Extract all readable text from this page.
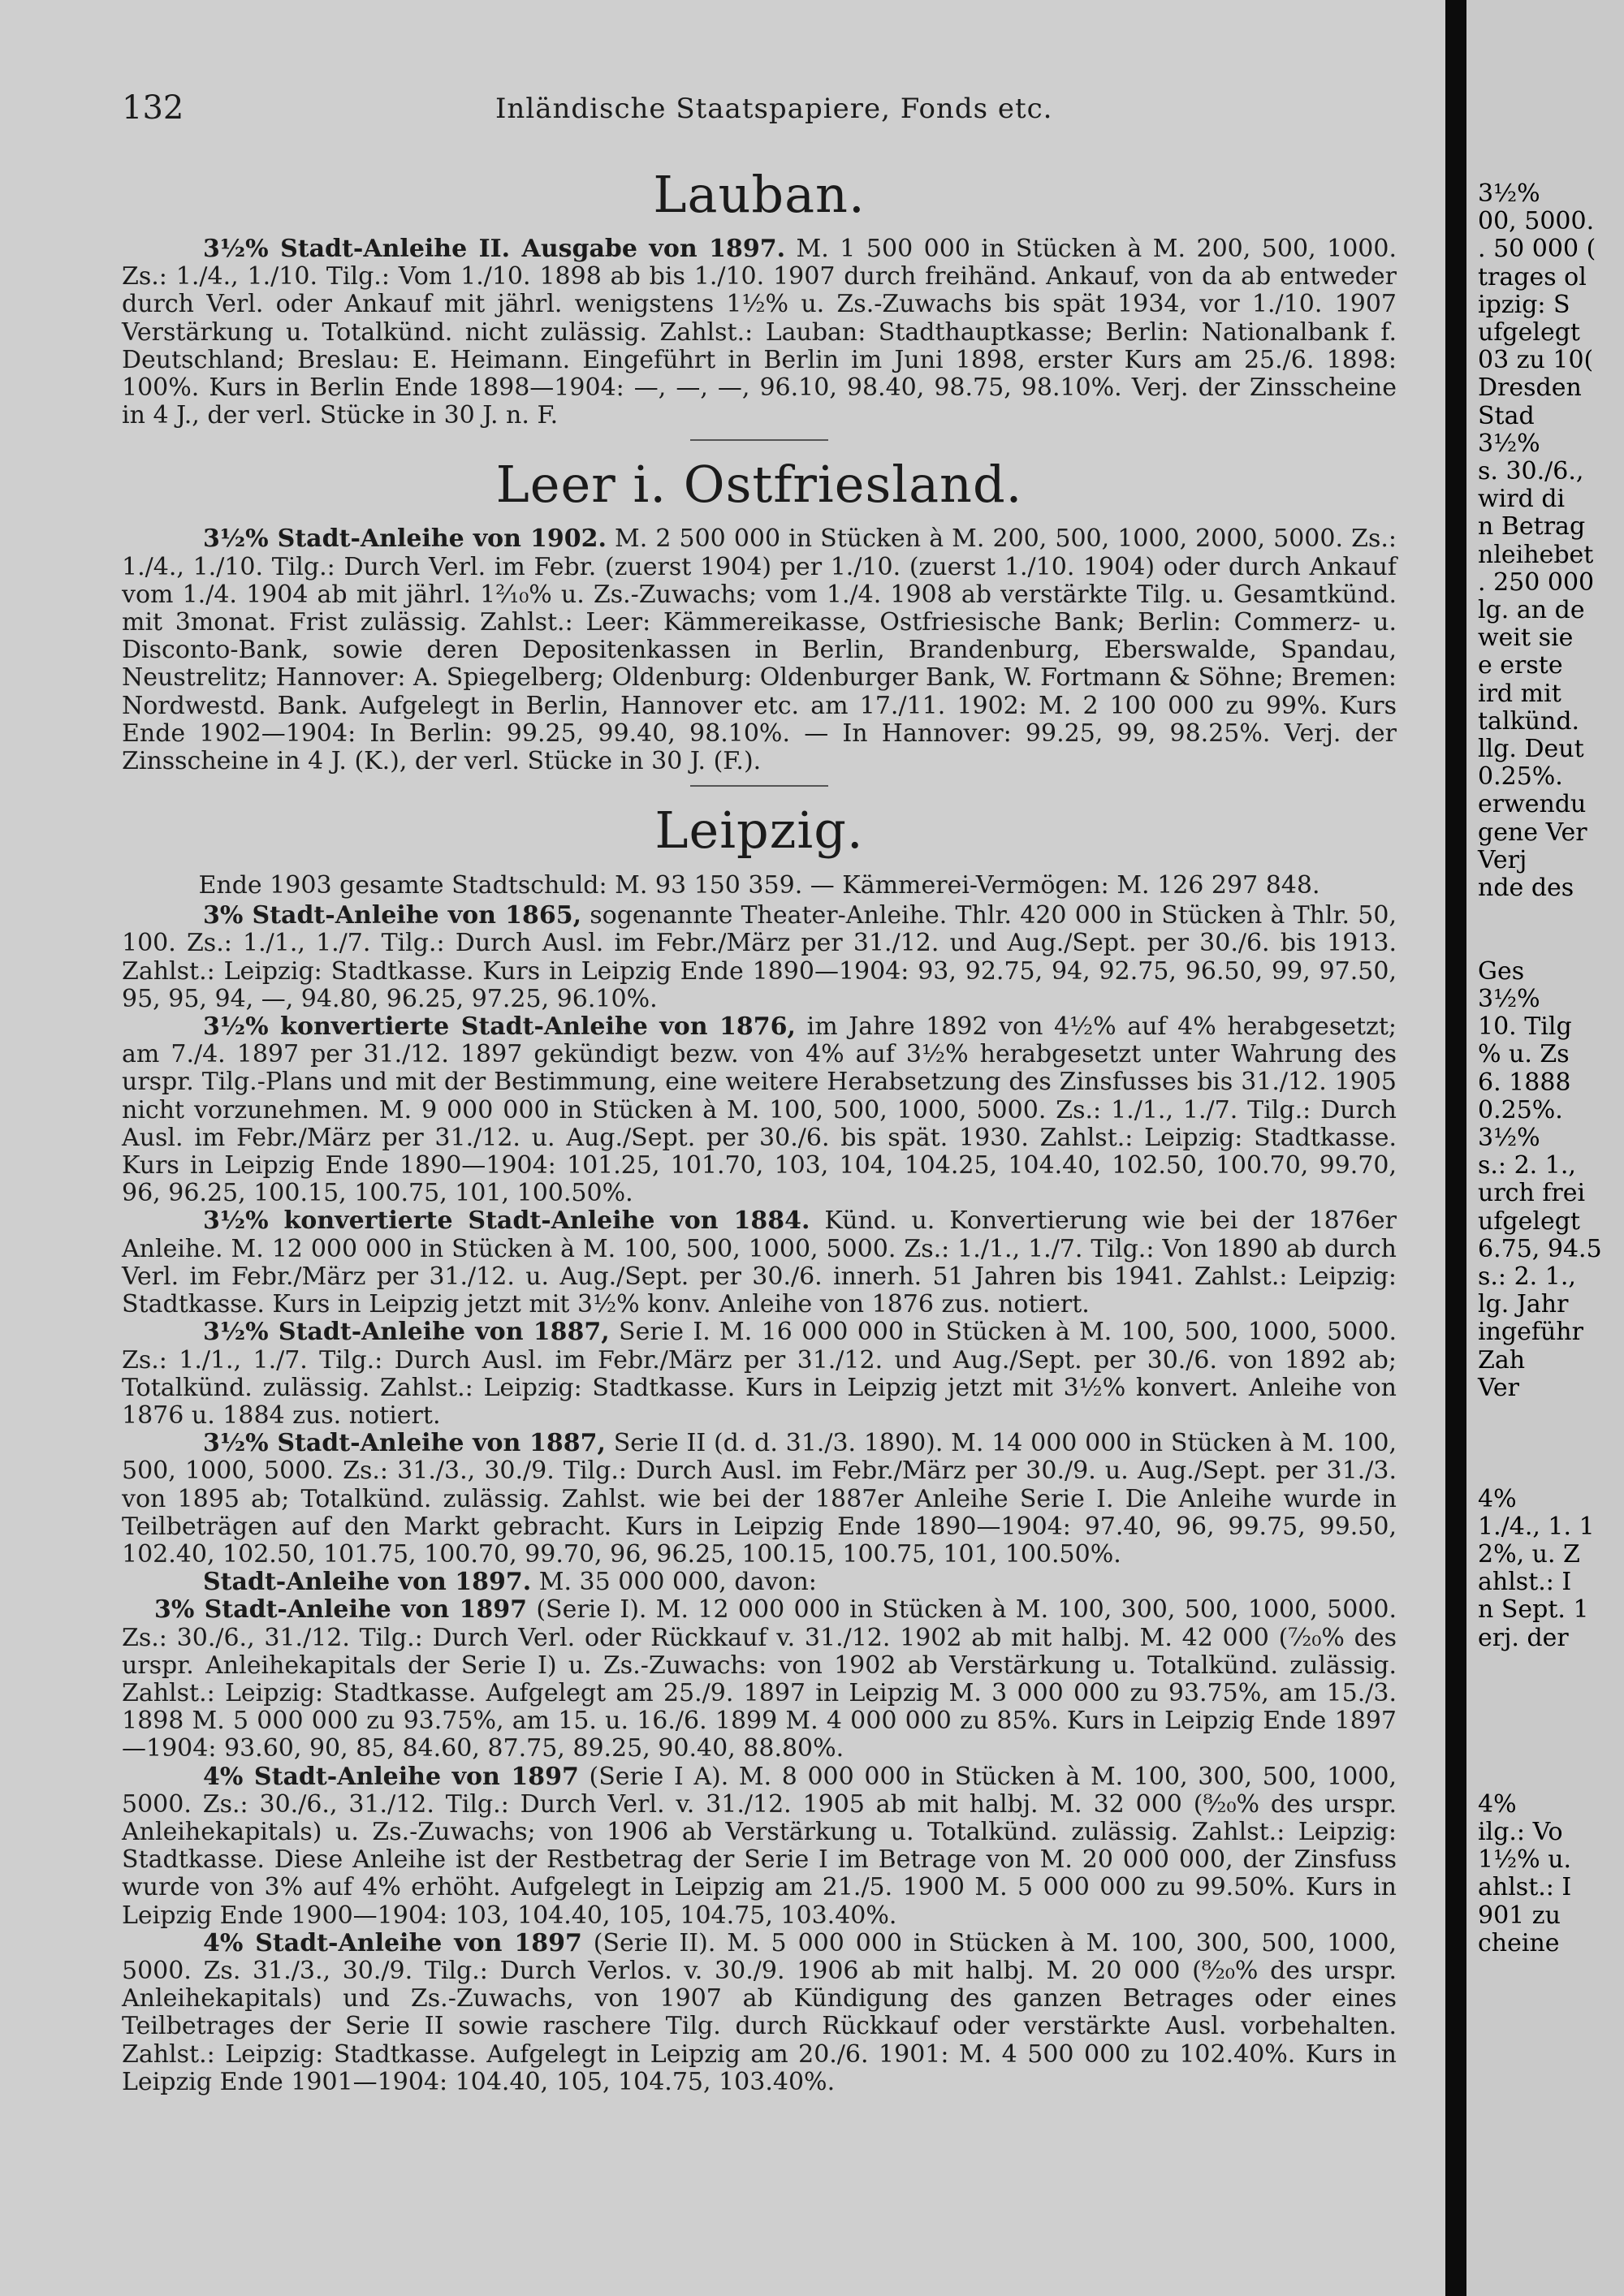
132	Inländische Staatspapiere, Fonds etc.
Lauban.

3½% Stadt-Anleihe II. Ausgabe von 1897. M. 1 500 000 in Stücken à M. 200, 500, 1000. Zs.: 1./4., 1./10. Tilg.: Vom 1./10. 1898 ab bis 1./10. 1907 durch freihänd. Ankauf, von da ab entweder durch Verl. oder Ankauf mit jährl. wenigstens 1½% u. Zs.-Zuwachs bis spät 1934, vor 1./10. 1907 Verstärkung u. Totalkünd. nicht zulässig. Zahlst.: Lauban: Stadthauptkasse; Berlin: Nationalbank f. Deutschland; Breslau: E. Heimann. Eingeführt in Berlin im Juni 1898, erster Kurs am 25./6. 1898: 100%. Kurs in Berlin Ende 1898—1904: —, —, —, 96.10, 98.40, 98.75, 98.10%. Verj. der Zinsscheine in 4 J., der verl. Stücke in 30 J. n. F.

Leer i. Ostfriesland.

3½% Stadt-Anleihe von 1902. M. 2 500 000 in Stücken à M. 200, 500, 1000, 2000, 5000. Zs.: 1./4., 1./10. Tilg.: Durch Verl. im Febr. (zuerst 1904) per 1./10. (zuerst 1./10. 1904) oder durch Ankauf vom 1./4. 1904 ab mit jährl. 1²⁄₁₀% u. Zs.-Zuwachs; vom 1./4. 1908 ab verstärkte Tilg. u. Gesamtkünd. mit 3monat. Frist zulässig. Zahlst.: Leer: Kämmereikasse, Ostfriesische Bank; Berlin: Commerz- u. Disconto-Bank, sowie deren Depositenkassen in Berlin, Brandenburg, Eberswalde, Spandau, Neustrelitz; Hannover: A. Spiegelberg; Oldenburg: Oldenburger Bank, W. Fortmann & Söhne; Bremen: Nordwestd. Bank. Aufgelegt in Berlin, Hannover etc. am 17./11. 1902: M. 2 100 000 zu 99%. Kurs Ende 1902—1904: In Berlin: 99.25, 99.40, 98.10%. — In Hannover: 99.25, 99, 98.25%. Verj. der Zinsscheine in 4 J. (K.), der verl. Stücke in 30 J. (F.).

Leipzig.
Ende 1903 gesamte Stadtschuld: M. 93 150 359. — Kämmerei-Vermögen: M. 126 297 848.

3% Stadt-Anleihe von 1865, sogenannte Theater-Anleihe. Thlr. 420 000 in Stücken à Thlr. 50, 100. Zs.: 1./1., 1./7. Tilg.: Durch Ausl. im Febr./März per 31./12. und Aug./Sept. per 30./6. bis 1913. Zahlst.: Leipzig: Stadtkasse. Kurs in Leipzig Ende 1890—1904: 93, 92.75, 94, 92.75, 96.50, 99, 97.50, 95, 95, 94, —, 94.80, 96.25, 97.25, 96.10%.

3½% konvertierte Stadt-Anleihe von 1876, im Jahre 1892 von 4½% auf 4% herabgesetzt; am 7./4. 1897 per 31./12. 1897 gekündigt bezw. von 4% auf 3½% herabgesetzt unter Wahrung des urspr. Tilg.-Plans und mit der Bestimmung, eine weitere Herabsetzung des Zinsfusses bis 31./12. 1905 nicht vorzunehmen. M. 9 000 000 in Stücken à M. 100, 500, 1000, 5000. Zs.: 1./1., 1./7. Tilg.: Durch Ausl. im Febr./März per 31./12. u. Aug./Sept. per 30./6. bis spät. 1930. Zahlst.: Leipzig: Stadtkasse. Kurs in Leipzig Ende 1890—1904: 101.25, 101.70, 103, 104, 104.25, 104.40, 102.50, 100.70, 99.70, 96, 96.25, 100.15, 100.75, 101, 100.50%.

3½% konvertierte Stadt-Anleihe von 1884. Künd. u. Konvertierung wie bei der 1876er Anleihe. M. 12 000 000 in Stücken à M. 100, 500, 1000, 5000. Zs.: 1./1., 1./7. Tilg.: Von 1890 ab durch Verl. im Febr./März per 31./12. u. Aug./Sept. per 30./6. innerh. 51 Jahren bis 1941. Zahlst.: Leipzig: Stadtkasse. Kurs in Leipzig jetzt mit 3½% konv. Anleihe von 1876 zus. notiert.

3½% Stadt-Anleihe von 1887, Serie I. M. 16 000 000 in Stücken à M. 100, 500, 1000, 5000. Zs.: 1./1., 1./7. Tilg.: Durch Ausl. im Febr./März per 31./12. und Aug./Sept. per 30./6. von 1892 ab; Totalkünd. zulässig. Zahlst.: Leipzig: Stadtkasse. Kurs in Leipzig jetzt mit 3½% konvert. Anleihe von 1876 u. 1884 zus. notiert.

3½% Stadt-Anleihe von 1887, Serie II (d. d. 31./3. 1890). M. 14 000 000 in Stücken à M. 100, 500, 1000, 5000. Zs.: 31./3., 30./9. Tilg.: Durch Ausl. im Febr./März per 30./9. u. Aug./Sept. per 31./3. von 1895 ab; Totalkünd. zulässig. Zahlst. wie bei der 1887er Anleihe Serie I. Die Anleihe wurde in Teilbeträgen auf den Markt gebracht. Kurs in Leipzig Ende 1890—1904: 97.40, 96, 99.75, 99.50, 102.40, 102.50, 101.75, 100.70, 99.70, 96, 96.25, 100.15, 100.75, 101, 100.50%.

Stadt-Anleihe von 1897. M. 35 000 000, davon:

3% Stadt-Anleihe von 1897 (Serie I). M. 12 000 000 in Stücken à M. 100, 300, 500, 1000, 5000. Zs.: 30./6., 31./12. Tilg.: Durch Verl. oder Rückkauf v. 31./12. 1902 ab mit halbj. M. 42 000 (⁷⁄₂₀% des urspr. Anleihekapitals der Serie I) u. Zs.-Zuwachs: von 1902 ab Verstärkung u. Totalkünd. zulässig. Zahlst.: Leipzig: Stadtkasse. Aufgelegt am 25./9. 1897 in Leipzig M. 3 000 000 zu 93.75%, am 15./3. 1898 M. 5 000 000 zu 93.75%, am 15. u. 16./6. 1899 M. 4 000 000 zu 85%. Kurs in Leipzig Ende 1897—1904: 93.60, 90, 85, 84.60, 87.75, 89.25, 90.40, 88.80%.

4% Stadt-Anleihe von 1897 (Serie I A). M. 8 000 000 in Stücken à M. 100, 300, 500, 1000, 5000. Zs.: 30./6., 31./12. Tilg.: Durch Verl. v. 31./12. 1905 ab mit halbj. M. 32 000 (⁸⁄₂₀% des urspr. Anleihekapitals) u. Zs.-Zuwachs; von 1906 ab Verstärkung u. Totalkünd. zulässig. Zahlst.: Leipzig: Stadtkasse. Diese Anleihe ist der Restbetrag der Serie I im Betrage von M. 20 000 000, der Zinsfuss wurde von 3% auf 4% erhöht. Aufgelegt in Leipzig am 21./5. 1900 M. 5 000 000 zu 99.50%. Kurs in Leipzig Ende 1900—1904: 103, 104.40, 105, 104.75, 103.40%.

4% Stadt-Anleihe von 1897 (Serie II). M. 5 000 000 in Stücken à M. 100, 300, 500, 1000, 5000. Zs. 31./3., 30./9. Tilg.: Durch Verlos. v. 30./9. 1906 ab mit halbj. M. 20 000 (⁸⁄₂₀% des urspr. Anleihekapitals) und Zs.-Zuwachs, von 1907 ab Kündigung des ganzen Betrages oder eines Teilbetrages der Serie II sowie raschere Tilg. durch Rückkauf oder verstärkte Ausl. vorbehalten. Zahlst.: Leipzig: Stadtkasse. Aufgelegt in Leipzig am 20./6. 1901: M. 4 500 000 zu 102.40%. Kurs in Leipzig Ende 1901—1904: 104.40, 105, 104.75, 103.40%.

3½%
00, 5000.
. 50 000 (
trages ol
ipzig: S
ufgelegt
03 zu 10(
Dresden
Stad
3½%
s. 30./6.,
wird di
n Betrag
nleihebet
. 250 000
lg. an de
weit sie
e erste
ird mit
talkünd.
llg. Deut
0.25%.
erwendu
gene Ver
Verj
nde des

Ges
3½%
10. Tilg
% u. Zs
6. 1888
0.25%.
3½%
s.: 2. 1.,
urch frei
ufgelegt
6.75, 94.5
s.: 2. 1.,
lg. Jahr
ingeführ
Zah
Ver

4%
1./4., 1. 1
2%, u. Z
ahlst.: I
n Sept. 1
erj. der

4%
ilg.: Vo
1½% u.
ahlst.: I
901 zu
cheine
